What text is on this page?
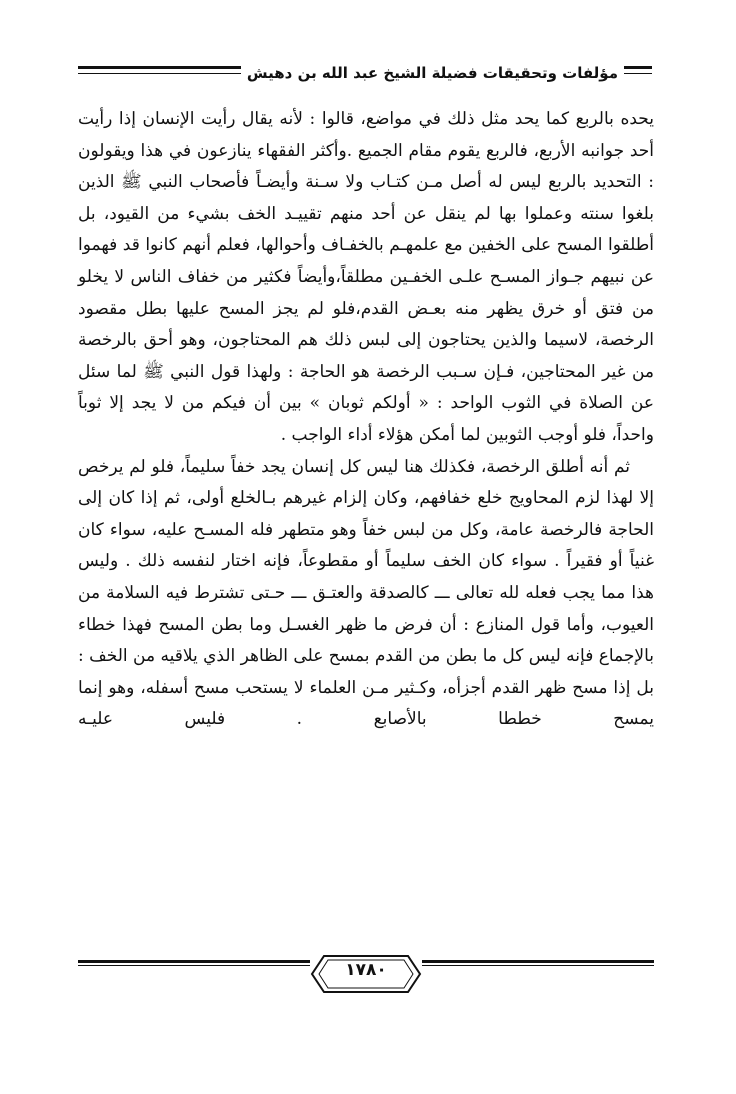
مؤلفات وتحقيقات فضيلة الشيخ عبد الله بن دهيش

يحده بالربع كما يحد مثل ذلك في مواضع، قالوا : لأنه يقال رأيت الإنسان إذا رأيت أحد جوانبه الأربع، فالربع يقوم مقام الجميع .وأكثر الفقهاء ينازعون في هذا ويقولون : التحديد بالربع ليس له أصل مـن كتـاب ولا سـنة وأيضـاً فأصحاب النبي ﷺ الذين بلغوا سنته وعملوا بها لم ينقل عن أحد منهم تقييـد الخف بشيء من القيود، بل أطلقوا المسح على الخفين مع علمهـم بالخفـاف وأحوالها، فعلم أنهم كانوا قد فهموا عن نبيهم جـواز المسـح علـى الخفـين مطلقاً،وأيضاً فكثير من خفاف الناس لا يخلو من فتق أو خرق يظهر منه بعـض القدم،فلو لم يجز المسح عليها بطل مقصود الرخصة، لاسيما والذين يحتاجون إلى لبس ذلك هم المحتاجون، وهو أحق بالرخصة من غير المحتاجين، فـإن سـبب الرخصة هو الحاجة : ولهذا قول النبي ﷺ لما سئل عن الصلاة في الثوب الواحد : « أولكم ثوبان » بين أن فيكم من لا يجد إلا ثوباً واحداً، فلو أوجب الثوبين لما أمكن هؤلاء أداء الواجب .

ثم أنه أطلق الرخصة، فكذلك هنا ليس كل إنسان يجد خفاً سليماً، فلو لم يرخص إلا لهذا لزم المحاويج خلع خفافهم، وكان إلزام غيرهم بـالخلع أولى، ثم إذا كان إلى الحاجة فالرخصة عامة، وكل من لبس خفاً وهو متطهر فله المسـح عليه، سواء كان غنياً أو فقيراً . سواء كان الخف سليماً أو مقطوعاً، فإنه اختار لنفسه ذلك . وليس هذا مما يجب فعله لله تعالى ـــ كالصدقة والعتـق ـــ حـتى تشترط فيه السلامة من العيوب، وأما قول المنازع : أن فرض ما ظهر الغسـل وما بطن المسح فهذا خطاء بالإجماع فإنه ليس كل ما بطن من القدم بمسح على الظاهر الذي يلاقيه من الخف : بل إذا مسح ظهر القدم أجزأه، وكـثير مـن العلماء لا يستحب مسح أسفله، وهو إنما يمسح خططا بالأصابع . فليس عليـه

١٧٨٠
